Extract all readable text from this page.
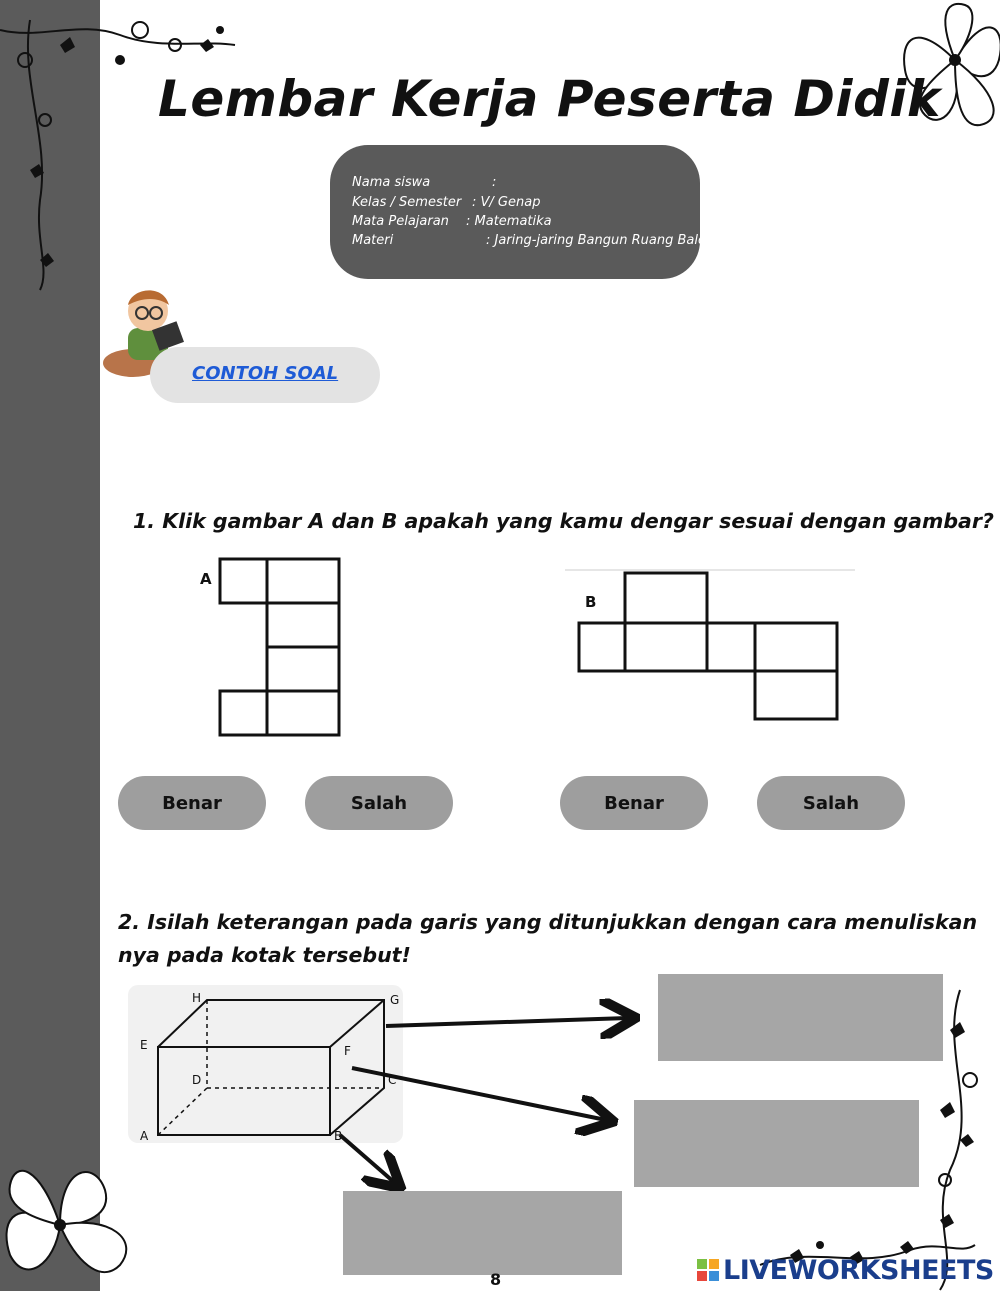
Lembar Kerja Peserta Didik
Nama siswa	:
Kelas / Semester : V/ Genap
Mata Pelajaran : Matematika
Materi	: Jaring-jaring Bangun Ruang Balok
CONTOH SOAL
1. Klik gambar A dan B apakah yang kamu dengar sesuai dengan gambar?
A
B
Benar	Salah	Benar	Salah
2. Isilah keterangan pada garis yang ditunjukkan dengan cara menuliskan
nya pada kotak tersebut!
H	G
E	F
D	C
A	B
8	LIVEWORKSHEETS
